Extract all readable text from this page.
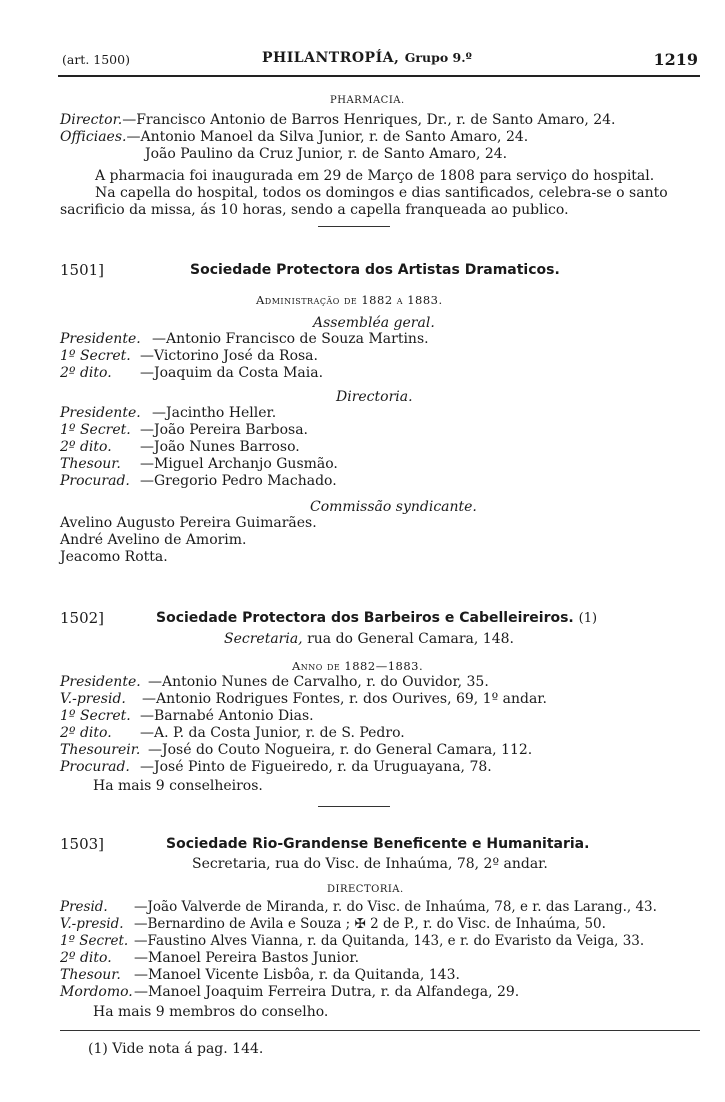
(art. 1500)	PHILANTROPÍA, Grupo 9.º	1219
PHARMACIA.
Director.—Francisco Antonio de Barros Henriques, Dr., r. de Santo Amaro, 24.
Officiaes.—Antonio Manoel da Silva Junior, r. de Santo Amaro, 24.
João Paulino da Cruz Junior, r. de Santo Amaro, 24.
A pharmacia foi inaugurada em 29 de Março de 1808 para serviço do hospital.
Na capella do hospital, todos os domingos e dias santificados, celebra-se o santo
sacrificio da missa, ás 10 horas, sendo a capella franqueada ao publico.
1501]	Sociedade Protectora dos Artistas Dramaticos.
Administração de 1882 a 1883.
Assembléa geral.
Presidente. —Antonio Francisco de Souza Martins.
1º Secret. —Victorino José da Rosa.
2º dito. —Joaquim da Costa Maia.
Directoria.
Presidente. —Jacintho Heller.
1º Secret. —João Pereira Barbosa.
2º dito. —João Nunes Barroso.
Thesour. —Miguel Archanjo Gusmão.
Procurad. —Gregorio Pedro Machado.
Commissão syndicante.
Avelino Augusto Pereira Guimarães.
André Avelino de Amorim.
Jeacomo Rotta.
1502]	Sociedade Protectora dos Barbeiros e Cabelleireiros. (1)
Secretaria, rua do General Camara, 148.
Anno de 1882—1883.
Presidente. —Antonio Nunes de Carvalho, r. do Ouvidor, 35.
V.-presid. —Antonio Rodrigues Fontes, r. dos Ourives, 69, 1º andar.
1º Secret. —Barnabé Antonio Dias.
2º dito. —A. P. da Costa Junior, r. de S. Pedro.
Thesoureir. —José do Couto Nogueira, r. do General Camara, 112.
Procurad. —José Pinto de Figueiredo, r. da Uruguayana, 78.
Ha mais 9 conselheiros.
1503]	Sociedade Rio-Grandense Beneficente e Humanitaria.
Secretaria, rua do Visc. de Inhaúma, 78, 2º andar.
DIRECTORIA.
Presid. —João Valverde de Miranda, r. do Visc. de Inhaúma, 78, e r. das Larang., 43.
V.-presid. —Bernardino de Avila e Souza ; ✠ 2 de P., r. do Visc. de Inhaúma, 50.
1º Secret. —Faustino Alves Vianna, r. da Quitanda, 143, e r. do Evaristo da Veiga, 33.
2º dito. —Manoel Pereira Bastos Junior.
Thesour. —Manoel Vicente Lisbôa, r. da Quitanda, 143.
Mordomo.—Manoel Joaquim Ferreira Dutra, r. da Alfandega, 29.
Ha mais 9 membros do conselho.
(1) Vide nota á pag. 144.
